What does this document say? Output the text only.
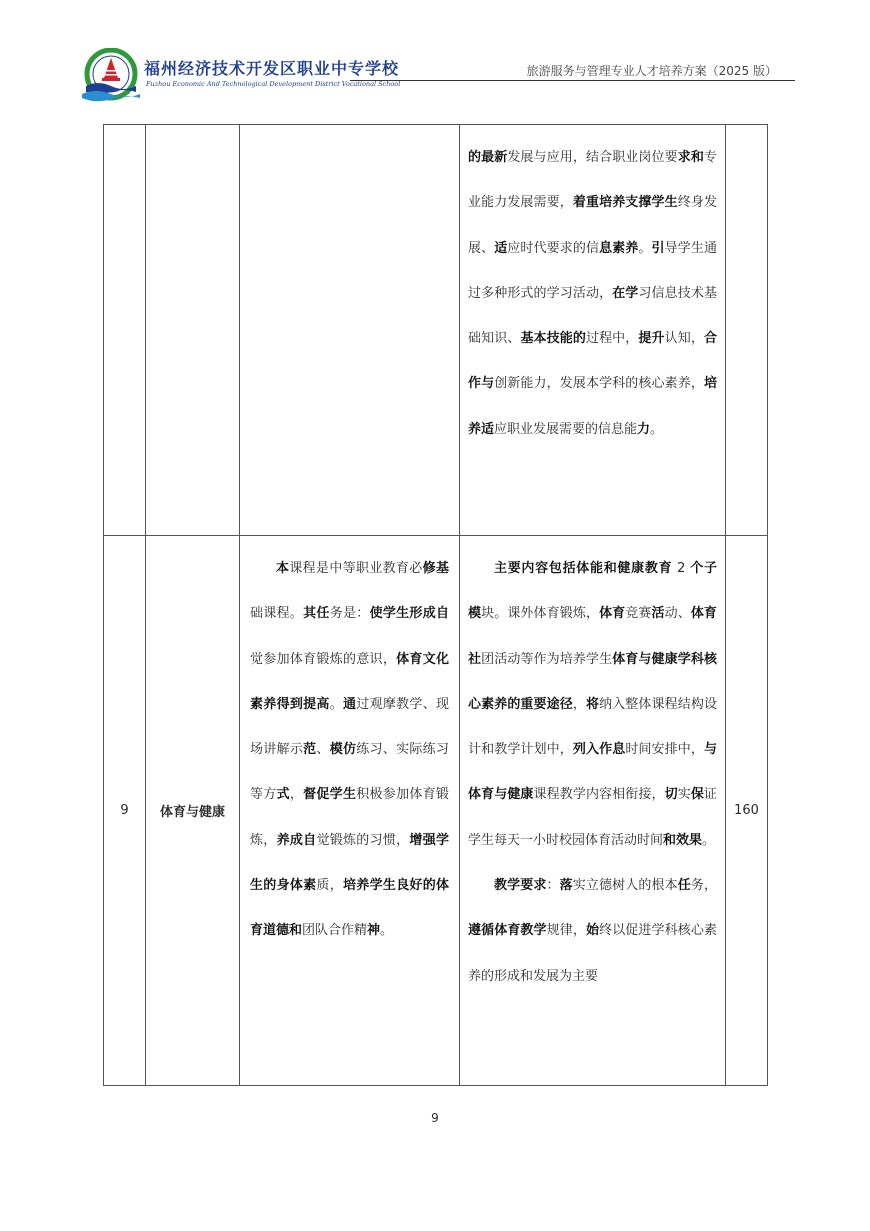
福州经济技术开发区职业中专学校
Fuzhou Economic And Technological Development District Vocational School
旅游服务与管理专业人才培养方案（2025 版）

			的最新发展与应用，结合职业岗位要求和专业能力发展需要，着重培养支撑学生终身发展、适应时代要求的信息素养。引导学生通过多种形式的学习活动，在学习信息技术基础知识、基本技能的过程中，提升认知，合作与创新能力，发展本学科的核心素养，培养适应职业发展需要的信息能力。	

9	体育与健康	本课程是中等职业教育必修基础课程。其任务是：使学生形成自觉参加体育锻炼的意识，体育文化素养得到提高。通过观摩教学、现场讲解示范、模仿练习、实际练习等方式，督促学生积极参加体育锻炼，养成自觉锻炼的习惯，增强学生的身体素质，培养学生良好的体育道德和团队合作精神。	主要内容包括体能和健康教育 2 个子模块。课外体育锻炼，体育竞赛活动、体育社团活动等作为培养学生体育与健康学科核心素养的重要途径，将纳入整体课程结构设计和教学计划中，列入作息时间安排中，与体育与健康课程教学内容相衔接，切实保证学生每天一小时校园体育活动时间和效果。
教学要求：落实立德树人的根本任务，遵循体育教学规律，始终以促进学科核心素养的形成和发展为主要	160
9
